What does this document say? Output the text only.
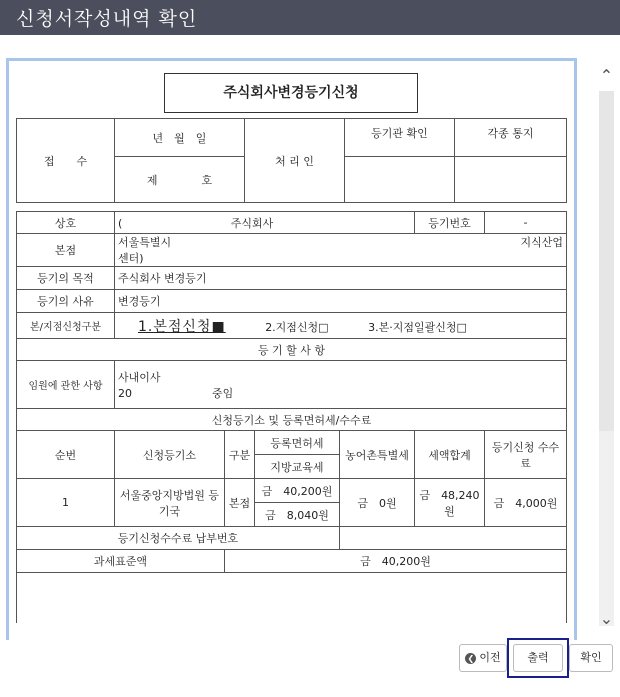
신청서작성내역 확인
주식회사변경등기신청
접　　수	년　월　일	처 리 인	등기관 확인	각종 통지
	제　　　　호			
상호	( 주식회사				등기번호	-
본점	서울특별시 지식산업
센터)					

등기의 목적	주식회사 변경등기					
등기의 사유	변경등기					
본/지점신청구분	1.본점신청■ 2.지점신청□ 3.본·지점일괄신청□					
등 기 할 사 항						
임원에 관한 사항	사내이사
20 중임					

신청등기소 및 등록면허세/수수료						
순번	신청등기소	구분	등록면허세	농어촌특별세	세액합계	등기신청 수수료
			지방교육세			
1	서울중앙지방법원 등기국	본점	금　40,200원	금　0원	금　48,240원	금　4,000원
			금　8,040원			
등기신청수수료 납부번호						
과세표준액		금　40,200원				

⌃
⌄
❮ 이전	출력	확인
